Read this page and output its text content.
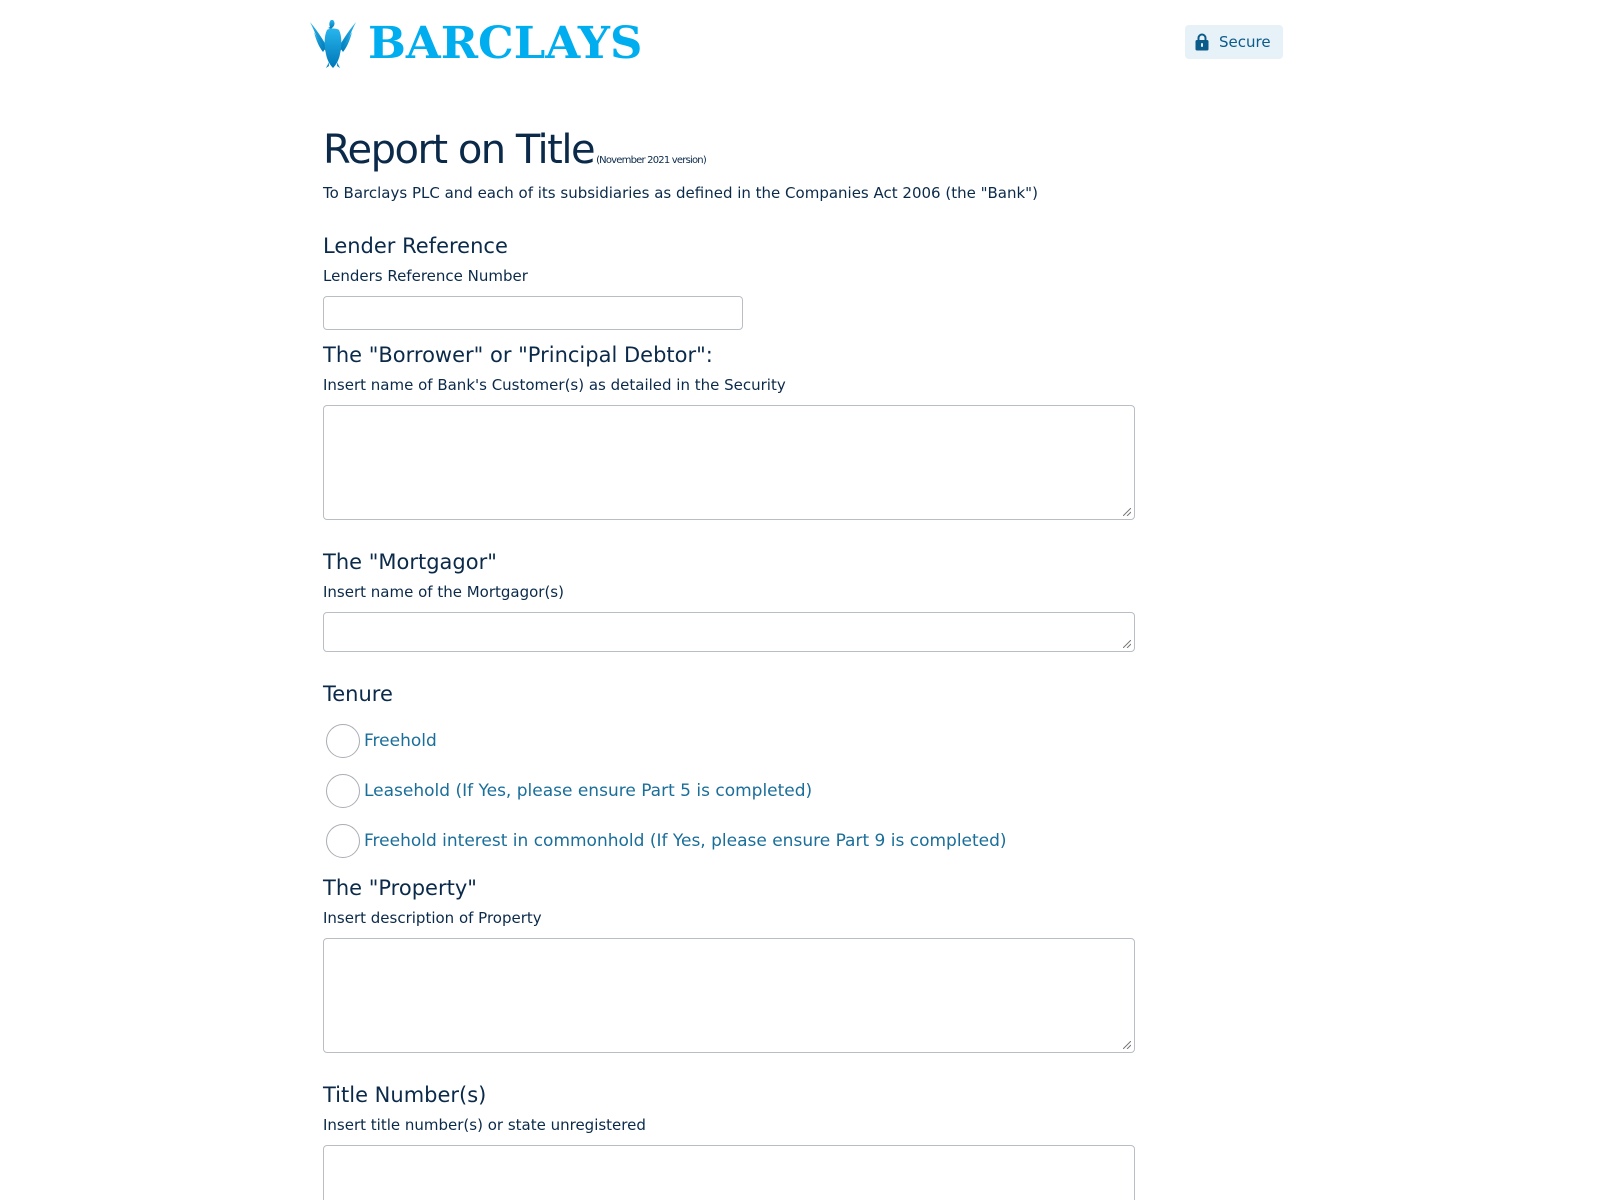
BARCLAYS	Secure
Report on Title (November 2021 version)
To Barclays PLC and each of its subsidiaries as defined in the Companies Act 2006 (the "Bank")
Lender Reference
Lenders Reference Number
The "Borrower" or "Principal Debtor":
Insert name of Bank's Customer(s) as detailed in the Security
The "Mortgagor"
Insert name of the Mortgagor(s)
Tenure
Freehold
Leasehold (If Yes, please ensure Part 5 is completed)
Freehold interest in commonhold (If Yes, please ensure Part 9 is completed)
The "Property"
Insert description of Property
Title Number(s)
Insert title number(s) or state unregistered
